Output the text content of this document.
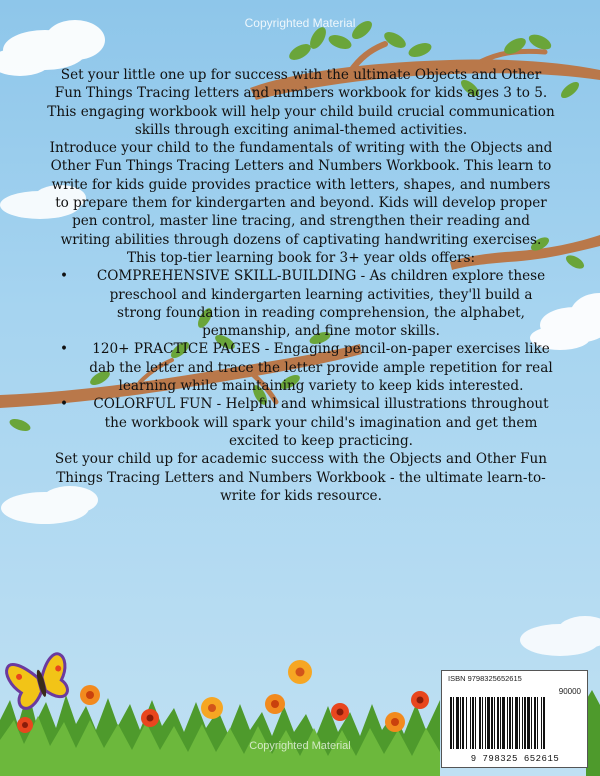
Copyrighted Material

Set your little one up for success with the ultimate Objects and Other Fun Things Tracing letters and numbers workbook for kids ages 3 to 5. This engaging workbook will help your child build crucial communication skills through exciting animal-themed activities.

Introduce your child to the fundamentals of writing with the Objects and Other Fun Things Tracing Letters and Numbers Workbook. This learn to write for kids guide provides practice with letters, shapes, and numbers to prepare them for kindergarten and beyond. Kids will develop proper pen control, master line tracing, and strengthen their reading and writing abilities through dozens of captivating handwriting exercises.

This top-tier learning book for 3+ year olds offers:

• COMPREHENSIVE SKILL-BUILDING - As children explore these preschool and kindergarten learning activities, they'll build a strong foundation in reading comprehension, the alphabet, penmanship, and fine motor skills.
• 120+ PRACTICE PAGES - Engaging pencil-on-paper exercises like dab the letter and trace the letter provide ample repetition for real learning while maintaining variety to keep kids interested.
• COLORFUL FUN - Helpful and whimsical illustrations throughout the workbook will spark your child's imagination and get them excited to keep practicing.

Set your child up for academic success with the Objects and Other Fun Things Tracing Letters and Numbers Workbook - the ultimate learn-to-write for kids resource.

ISBN 9798325652615
90000
9 798325 652615
Copyrighted Material
